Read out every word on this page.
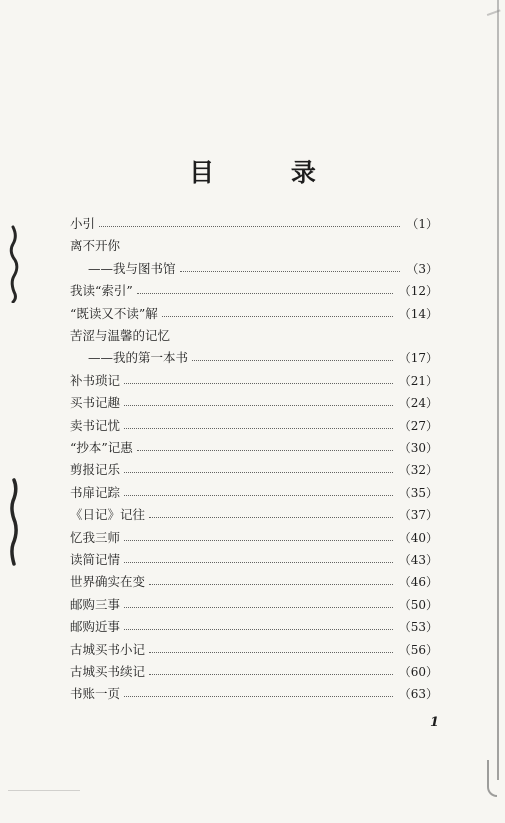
目 录
小引	（1）
离不开你
——我与图书馆	（3）
我读“索引”	（12）
“既读又不读”解	（14）
苦涩与温馨的记忆
——我的第一本书	（17）
补书琐记	（21）
买书记趣	（24）
卖书记忧	（27）
“抄本”记惠	（30）
剪报记乐	（32）
书扉记踪	（35）
《日记》记往	（37）
忆我三师	（40）
读简记情	（43）
世界确实在变	（46）
邮购三事	（50）
邮购近事	（53）
古城买书小记	（56）
古城买书续记	（60）
书账一页	（63）
1
